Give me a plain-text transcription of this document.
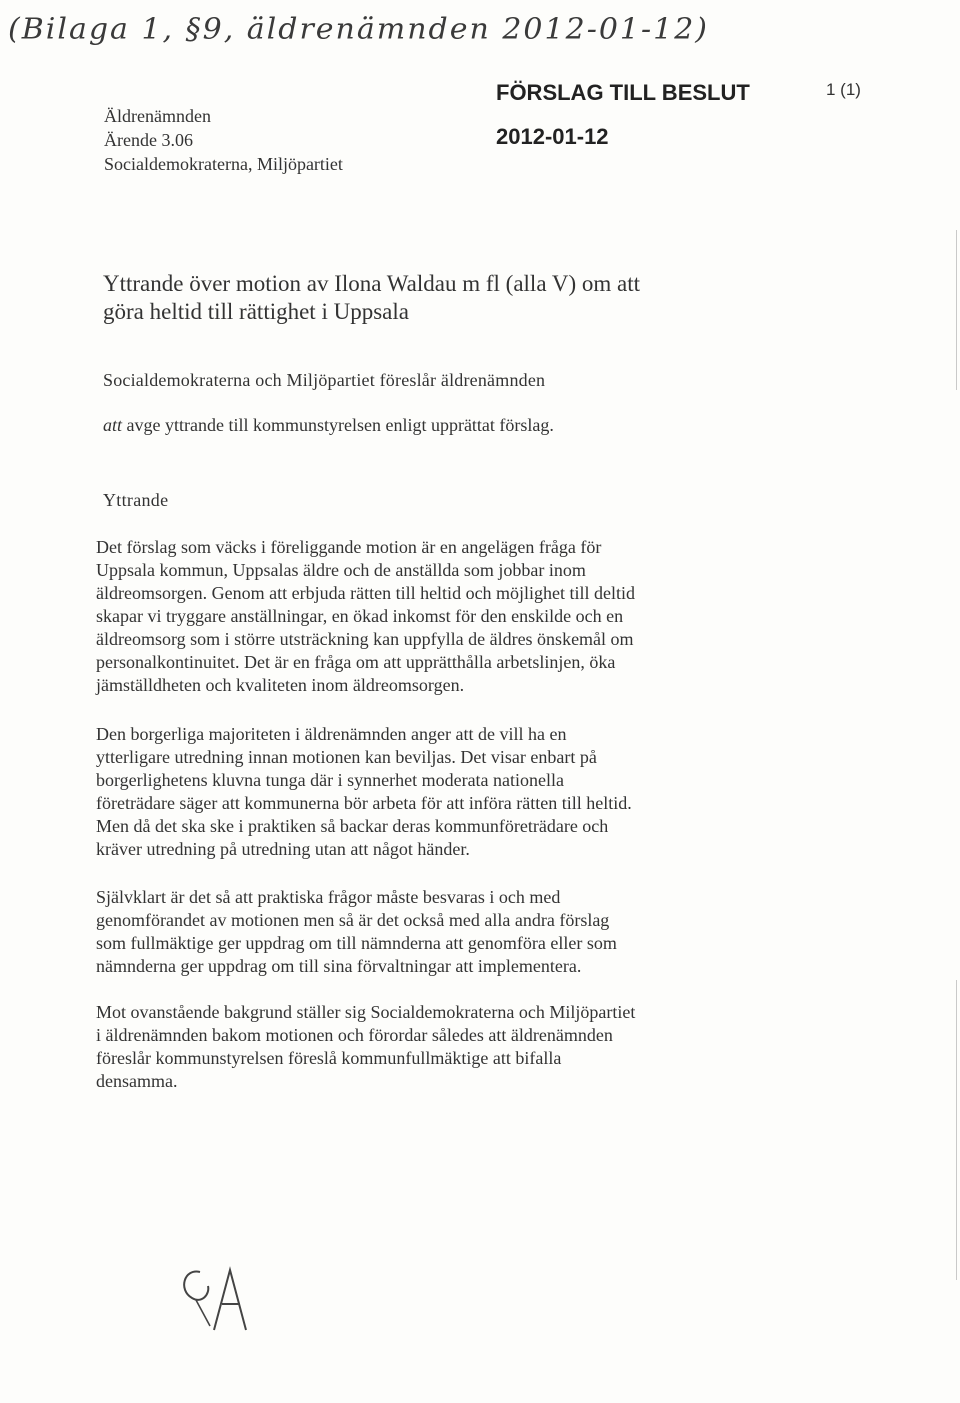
(Bilaga 1, §9, äldrenämnden 2012-01-12)
1 (1)
FÖRSLAG TILL BESLUT
2012-01-12
Äldrenämnden
Ärende 3.06
Socialdemokraterna, Miljöpartiet
Yttrande över motion av Ilona Waldau m fl (alla V) om att
göra heltid till rättighet i Uppsala
Socialdemokraterna och Miljöpartiet föreslår äldrenämnden
att avge yttrande till kommunstyrelsen enligt upprättat förslag.
Yttrande
Det förslag som väcks i föreliggande motion är en angelägen fråga för
Uppsala kommun, Uppsalas äldre och de anställda som jobbar inom
äldreomsorgen. Genom att erbjuda rätten till heltid och möjlighet till deltid
skapar vi tryggare anställningar, en ökad inkomst för den enskilde och en
äldreomsorg som i större utsträckning kan uppfylla de äldres önskemål om
personalkontinuitet. Det är en fråga om att upprätthålla arbetslinjen, öka
jämställdheten och kvaliteten inom äldreomsorgen.
Den borgerliga majoriteten i äldrenämnden anger att de vill ha en
ytterligare utredning innan motionen kan beviljas. Det visar enbart på
borgerlighetens kluvna tunga där i synnerhet moderata nationella
företrädare säger att kommunerna bör arbeta för att införa rätten till heltid.
Men då det ska ske i praktiken så backar deras kommunföreträdare och
kräver utredning på utredning utan att något händer.
Självklart är det så att praktiska frågor måste besvaras i och med
genomförandet av motionen men så är det också med alla andra förslag
som fullmäktige ger uppdrag om till nämnderna att genomföra eller som
nämnderna ger uppdrag om till sina förvaltningar att implementera.
Mot ovanstående bakgrund ställer sig Socialdemokraterna och Miljöpartiet
i äldrenämnden bakom motionen och förordar således att äldrenämnden
föreslår kommunstyrelsen föreslå kommunfullmäktige att bifalla
densamma.
